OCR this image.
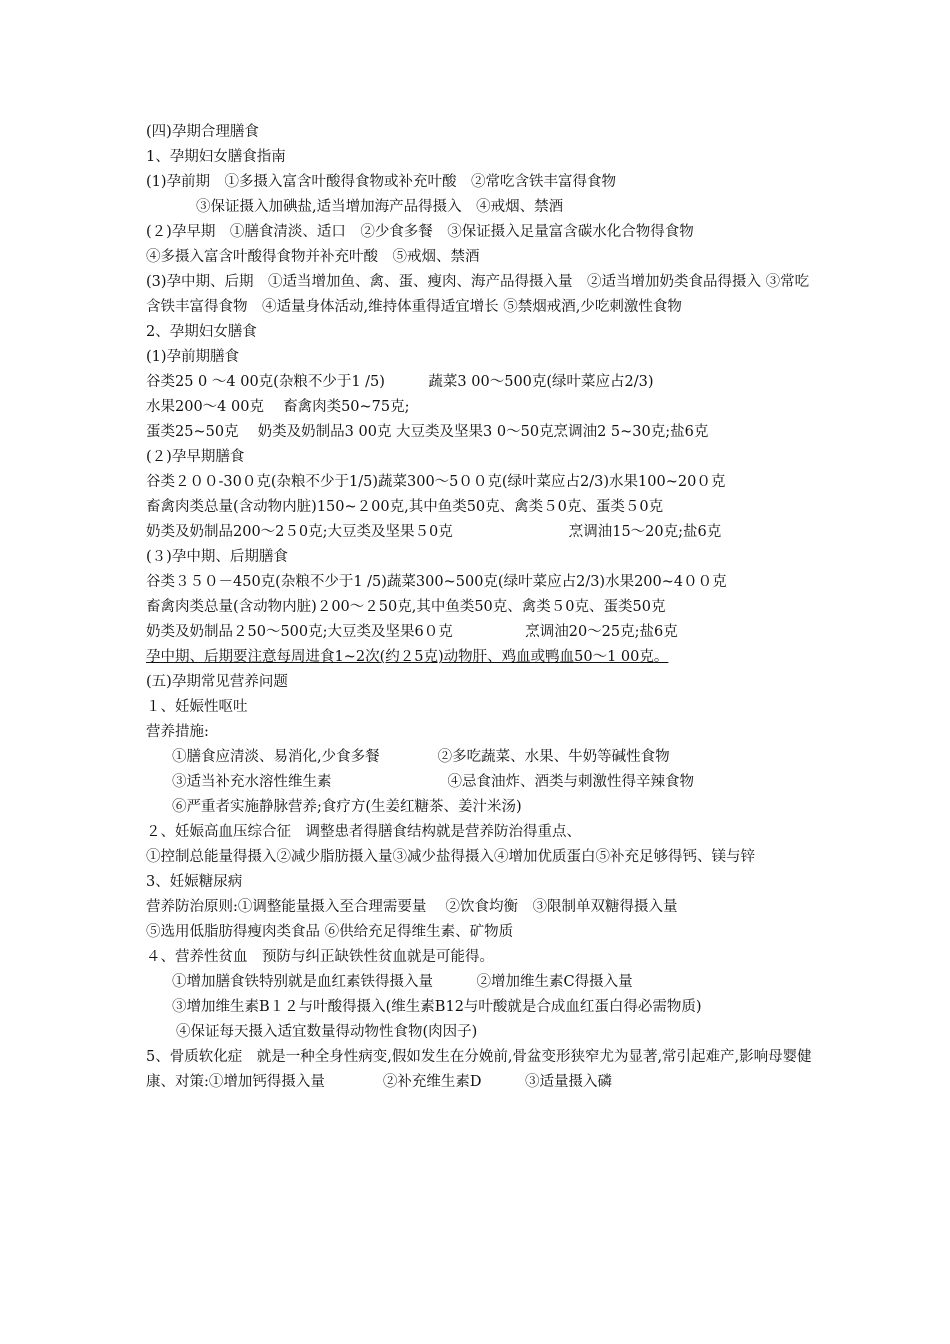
(四)孕期合理膳食
1、孕期妇女膳食指南
(1)孕前期　①多摄入富含叶酸得食物或补充叶酸　②常吃含铁丰富得食物
③保证摄入加碘盐,适当增加海产品得摄入　④戒烟、禁酒
(２)孕早期　①膳食清淡、适口　②少食多餐　③保证摄入足量富含碳水化合物得食物
④多摄入富含叶酸得食物并补充叶酸　⑤戒烟、禁酒
(3)孕中期、后期　①适当增加鱼、禽、蛋、瘦肉、海产品得摄入量　②适当增加奶类食品得摄入 ③常吃含铁丰富得食物　④适量身体活动,维持体重得适宜增长 ⑤禁烟戒酒,少吃刺激性食物
2、孕期妇女膳食
(1)孕前期膳食
谷类25 0 ～4 00克(杂粮不少于1 /5)　　　蔬菜3 00～500克(绿叶菜应占2/3)
水果200～4 00克　 畜禽肉类50~75克;
蛋类25~50克　 奶类及奶制品3 00克 大豆类及坚果3 0～50克烹调油2 5~30克;盐6克
(２)孕早期膳食
谷类２００-30０克(杂粮不少于1/5)蔬菜300～5００克(绿叶菜应占2/3)水果100~20０克
畜禽肉类总量(含动物内脏)150~２00克,其中鱼类50克、禽类５0克、蛋类５0克
奶类及奶制品200～2５0克;大豆类及坚果５0克　　　　　　　　烹调油15～20克;盐6克
(３)孕中期、后期膳食
谷类３５０－450克(杂粮不少于1 /5)蔬菜300~500克(绿叶菜应占2/3)水果200~4００克
畜禽肉类总量(含动物内脏)２00～２50克,其中鱼类50克、禽类５0克、蛋类50克
奶类及奶制品２50～500克;大豆类及坚果6０克　　　　　烹调油20～25克;盐6克
孕中期、后期要注意每周进食1~2次(约２5克)动物肝、鸡血或鸭血50～1 00克。
(五)孕期常见营养问题
１、妊娠性呕吐
营养措施:
①膳食应清淡、易消化,少食多餐　　　　②多吃蔬菜、水果、牛奶等碱性食物
③适当补充水溶性维生素　　　　　　　　④忌食油炸、酒类与刺激性得辛辣食物
⑥严重者实施静脉营养;食疗方(生姜红糖茶、姜汁米汤)
２、妊娠高血压综合征　调整患者得膳食结构就是营养防治得重点、
①控制总能量得摄入②减少脂肪摄入量③减少盐得摄入④增加优质蛋白⑤补充足够得钙、镁与锌
3、妊娠糖尿病
营养防治原则:①调整能量摄入至合理需要量　 ②饮食均衡　③限制单双糖得摄入量
⑤选用低脂肪得瘦肉类食品 ⑥供给充足得维生素、矿物质
４、营养性贫血　预防与纠正缺铁性贫血就是可能得。
①增加膳食铁特别就是血红素铁得摄入量　　　②增加维生素C得摄入量
③增加维生素B１２与叶酸得摄入(维生素B12与叶酸就是合成血红蛋白得必需物质)
④保证每天摄入适宜数量得动物性食物(肉因子)
5、骨质软化症　就是一种全身性病变,假如发生在分娩前,骨盆变形狭窄尤为显著,常引起难产,影响母婴健康、对策:①增加钙得摄入量　　　　②补充维生素D　　　③适量摄入磷
